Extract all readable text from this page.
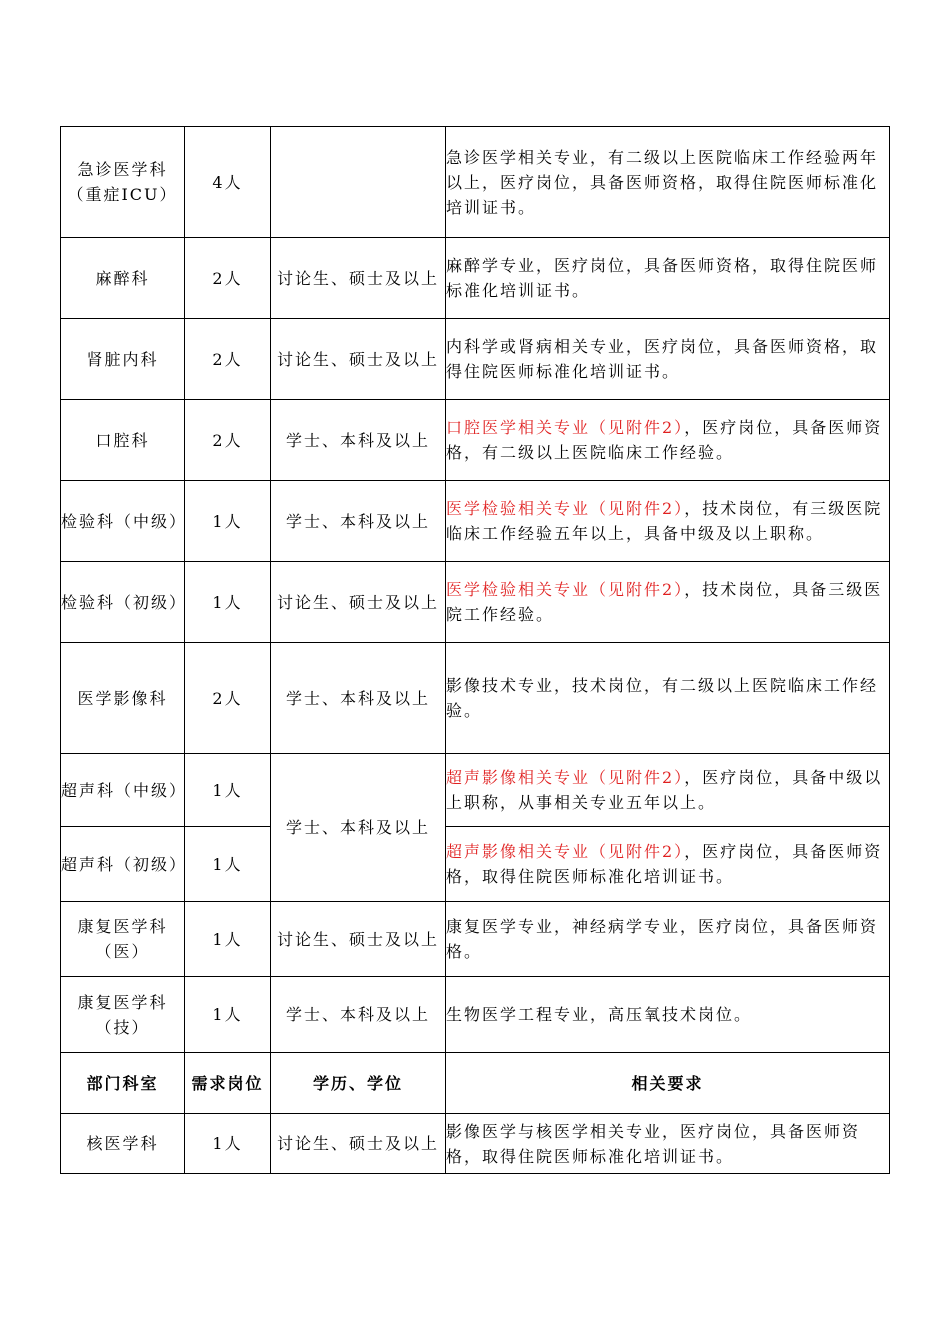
急诊医学科（重症ICU）	4人		急诊医学相关专业，有二级以上医院临床工作经验两年以上，医疗岗位，具备医师资格，取得住院医师标准化培训证书。
麻醉科	2人	讨论生、硕士及以上	麻醉学专业，医疗岗位，具备医师资格，取得住院医师标准化培训证书。
肾脏内科	2人	讨论生、硕士及以上	内科学或肾病相关专业，医疗岗位，具备医师资格，取得住院医师标准化培训证书。
口腔科	2人	学士、本科及以上	口腔医学相关专业（见附件2），医疗岗位，具备医师资格，有二级以上医院临床工作经验。
检验科（中级）	1人	学士、本科及以上	医学检验相关专业（见附件2），技术岗位，有三级医院临床工作经验五年以上，具备中级及以上职称。
检验科（初级）	1人	讨论生、硕士及以上	医学检验相关专业（见附件2），技术岗位，具备三级医院工作经验。
医学影像科	2人	学士、本科及以上	影像技术专业，技术岗位，有二级以上医院临床工作经验。
超声科（中级）	1人	学士、本科及以上	超声影像相关专业（见附件2），医疗岗位，具备中级以上职称，从事相关专业五年以上。
超声科（初级）	1人		超声影像相关专业（见附件2），医疗岗位，具备医师资格，取得住院医师标准化培训证书。
康复医学科（医）	1人	讨论生、硕士及以上	康复医学专业，神经病学专业，医疗岗位，具备医师资格。
康复医学科（技）	1人	学士、本科及以上	生物医学工程专业，高压氧技术岗位。
部门科室	需求岗位	学历、学位	相关要求
核医学科	1人	讨论生、硕士及以上	影像医学与核医学相关专业，医疗岗位，具备医师资格，取得住院医师标准化培训证书。
